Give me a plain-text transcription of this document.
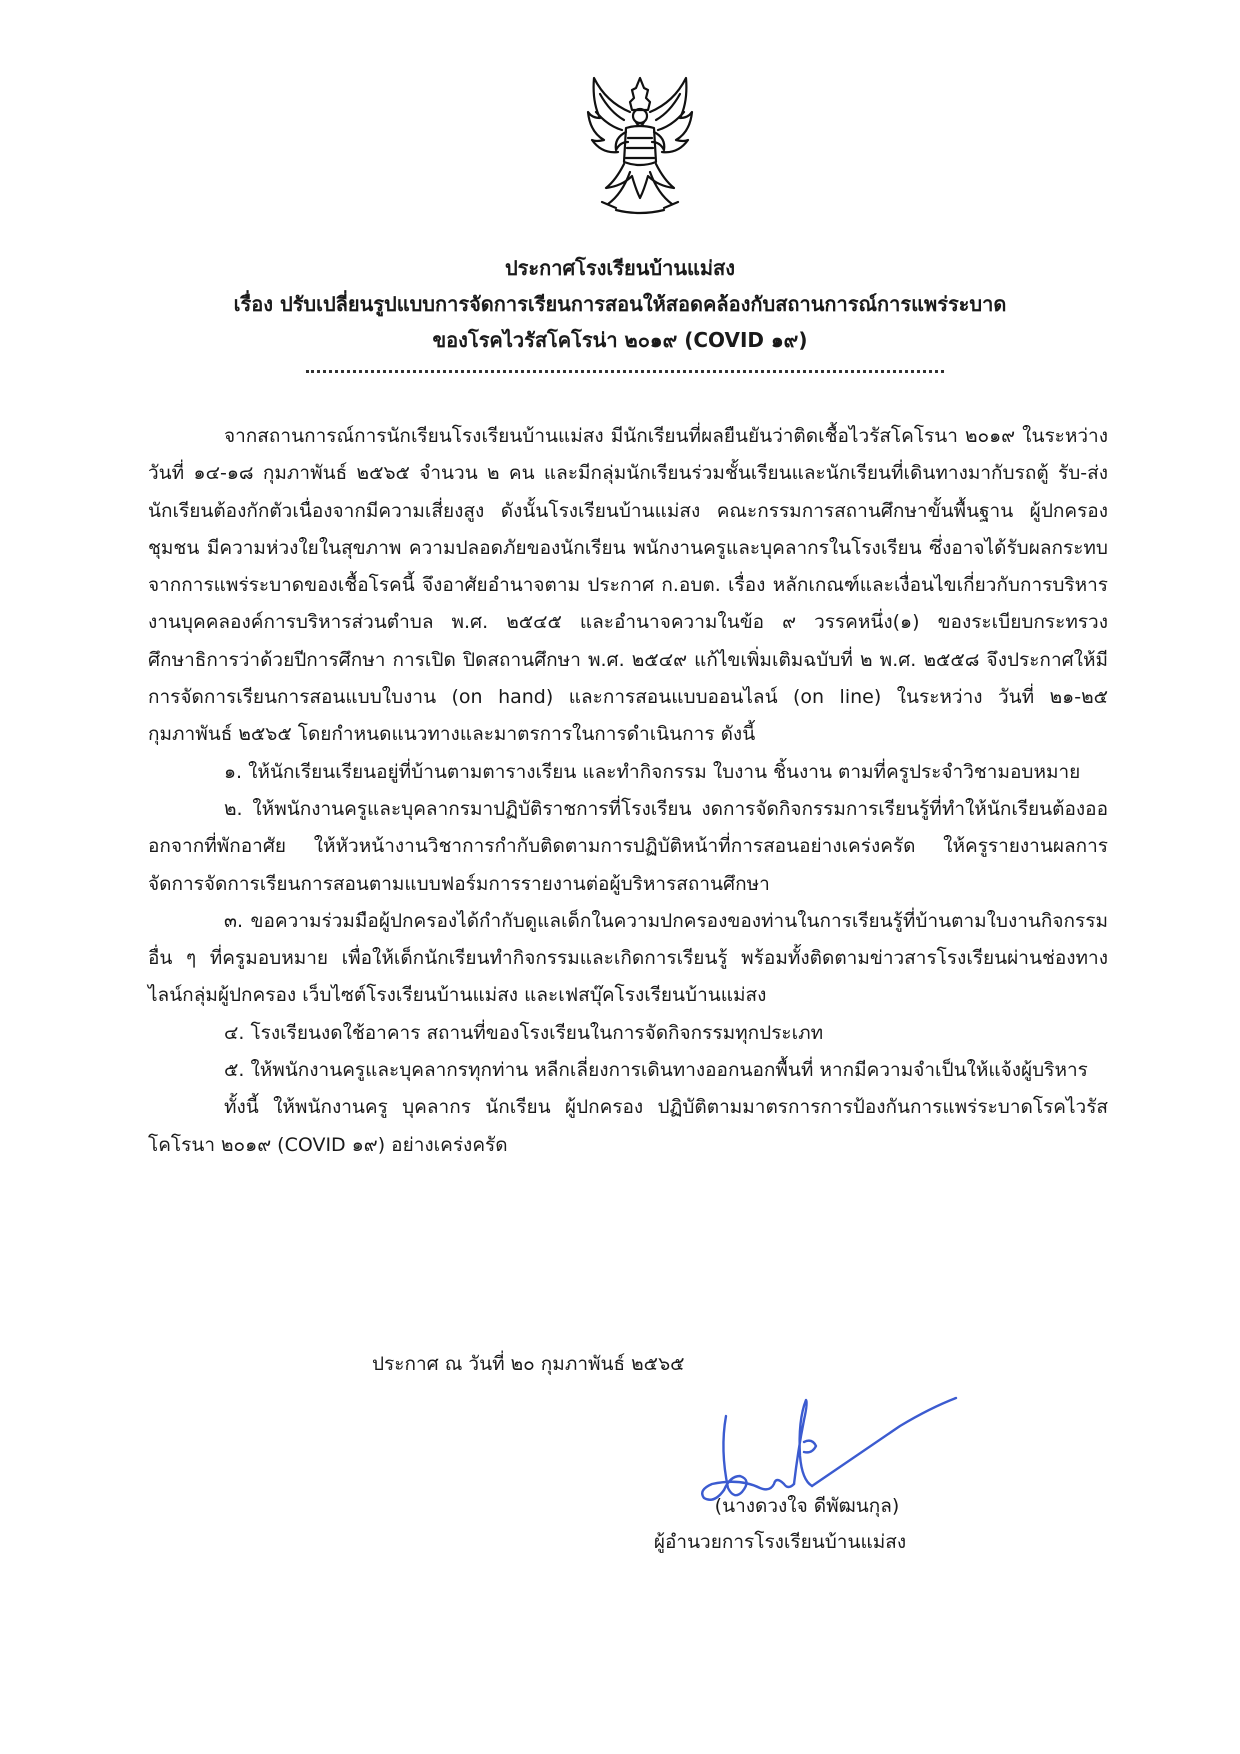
ประกาศโรงเรียนบ้านแม่สง
เรื่อง ปรับเปลี่ยนรูปแบบการจัดการเรียนการสอนให้สอดคล้องกับสถานการณ์การแพร่ระบาด
ของโรคไวรัสโคโรน่า ๒๐๑๙ (COVID ๑๙)

จากสถานการณ์การนักเรียนโรงเรียนบ้านแม่สง มีนักเรียนที่ผลยืนยันว่าติดเชื้อไวรัสโคโรนา ๒๐๑๙ ในระหว่างวันที่ ๑๔-๑๘ กุมภาพันธ์ ๒๕๖๕ จำนวน ๒ คน และมีกลุ่มนักเรียนร่วมชั้นเรียนและนักเรียนที่เดินทางมากับรถตู้ รับ-ส่ง นักเรียนต้องกักตัวเนื่องจากมีความเสี่ยงสูง ดังนั้นโรงเรียนบ้านแม่สง คณะกรรมการสถานศึกษาขั้นพื้นฐาน ผู้ปกครอง ชุมชน มีความห่วงใยในสุขภาพ ความปลอดภัยของนักเรียน พนักงานครูและบุคลากรในโรงเรียน ซึ่งอาจได้รับผลกระทบจากการแพร่ระบาดของเชื้อโรคนี้ จึงอาศัยอำนาจตาม ประกาศ ก.อบต. เรื่อง หลักเกณฑ์และเงื่อนไขเกี่ยวกับการบริหารงานบุคคลองค์การบริหารส่วนตำบล พ.ศ. ๒๕๔๕ และอำนาจความในข้อ ๙ วรรคหนึ่ง(๑) ของระเบียบกระทรวงศึกษาธิการว่าด้วยปีการศึกษา การเปิด ปิดสถานศึกษา พ.ศ. ๒๕๔๙ แก้ไขเพิ่มเติมฉบับที่ ๒ พ.ศ. ๒๕๕๘ จึงประกาศให้มีการจัดการเรียนการสอนแบบใบงาน (on hand) และการสอนแบบออนไลน์ (on line) ในระหว่าง วันที่ ๒๑-๒๕ กุมภาพันธ์ ๒๕๖๕ โดยกำหนดแนวทางและมาตรการในการดำเนินการ ดังนี้

๑. ให้นักเรียนเรียนอยู่ที่บ้านตามตารางเรียน และทำกิจกรรม ใบงาน ชิ้นงาน ตามที่ครูประจำวิชามอบหมาย

๒. ให้พนักงานครูและบุคลากรมาปฏิบัติราชการที่โรงเรียน งดการจัดกิจกรรมการเรียนรู้ที่ทำให้นักเรียนต้องอออกจากที่พักอาศัย ให้หัวหน้างานวิชาการกำกับติดตามการปฏิบัติหน้าที่การสอนอย่างเคร่งครัด ให้ครูรายงานผลการจัดการจัดการเรียนการสอนตามแบบฟอร์มการรายงานต่อผู้บริหารสถานศึกษา

๓. ขอความร่วมมือผู้ปกครองได้กำกับดูแลเด็กในความปกครองของท่านในการเรียนรู้ที่บ้านตามใบงานกิจกรรมอื่น ๆ ที่ครูมอบหมาย เพื่อให้เด็กนักเรียนทำกิจกรรมและเกิดการเรียนรู้ พร้อมทั้งติดตามข่าวสารโรงเรียนผ่านช่องทางไลน์กลุ่มผู้ปกครอง เว็บไซต์โรงเรียนบ้านแม่สง และเฟสบุ๊คโรงเรียนบ้านแม่สง

๔. โรงเรียนงดใช้อาคาร สถานที่ของโรงเรียนในการจัดกิจกรรมทุกประเภท

๕. ให้พนักงานครูและบุคลากรทุกท่าน หลีกเลี่ยงการเดินทางออกนอกพื้นที่ หากมีความจำเป็นให้แจ้งผู้บริหาร

ทั้งนี้ ให้พนักงานครู บุคลากร นักเรียน ผู้ปกครอง ปฏิบัติตามมาตรการการป้องกันการแพร่ระบาดโรคไวรัสโคโรนา ๒๐๑๙ (COVID ๑๙) อย่างเคร่งครัด

ประกาศ ณ วันที่ ๒๐ กุมภาพันธ์ ๒๕๖๕
(นางดวงใจ ดีพัฒนกุล)
ผู้อำนวยการโรงเรียนบ้านแม่สง
